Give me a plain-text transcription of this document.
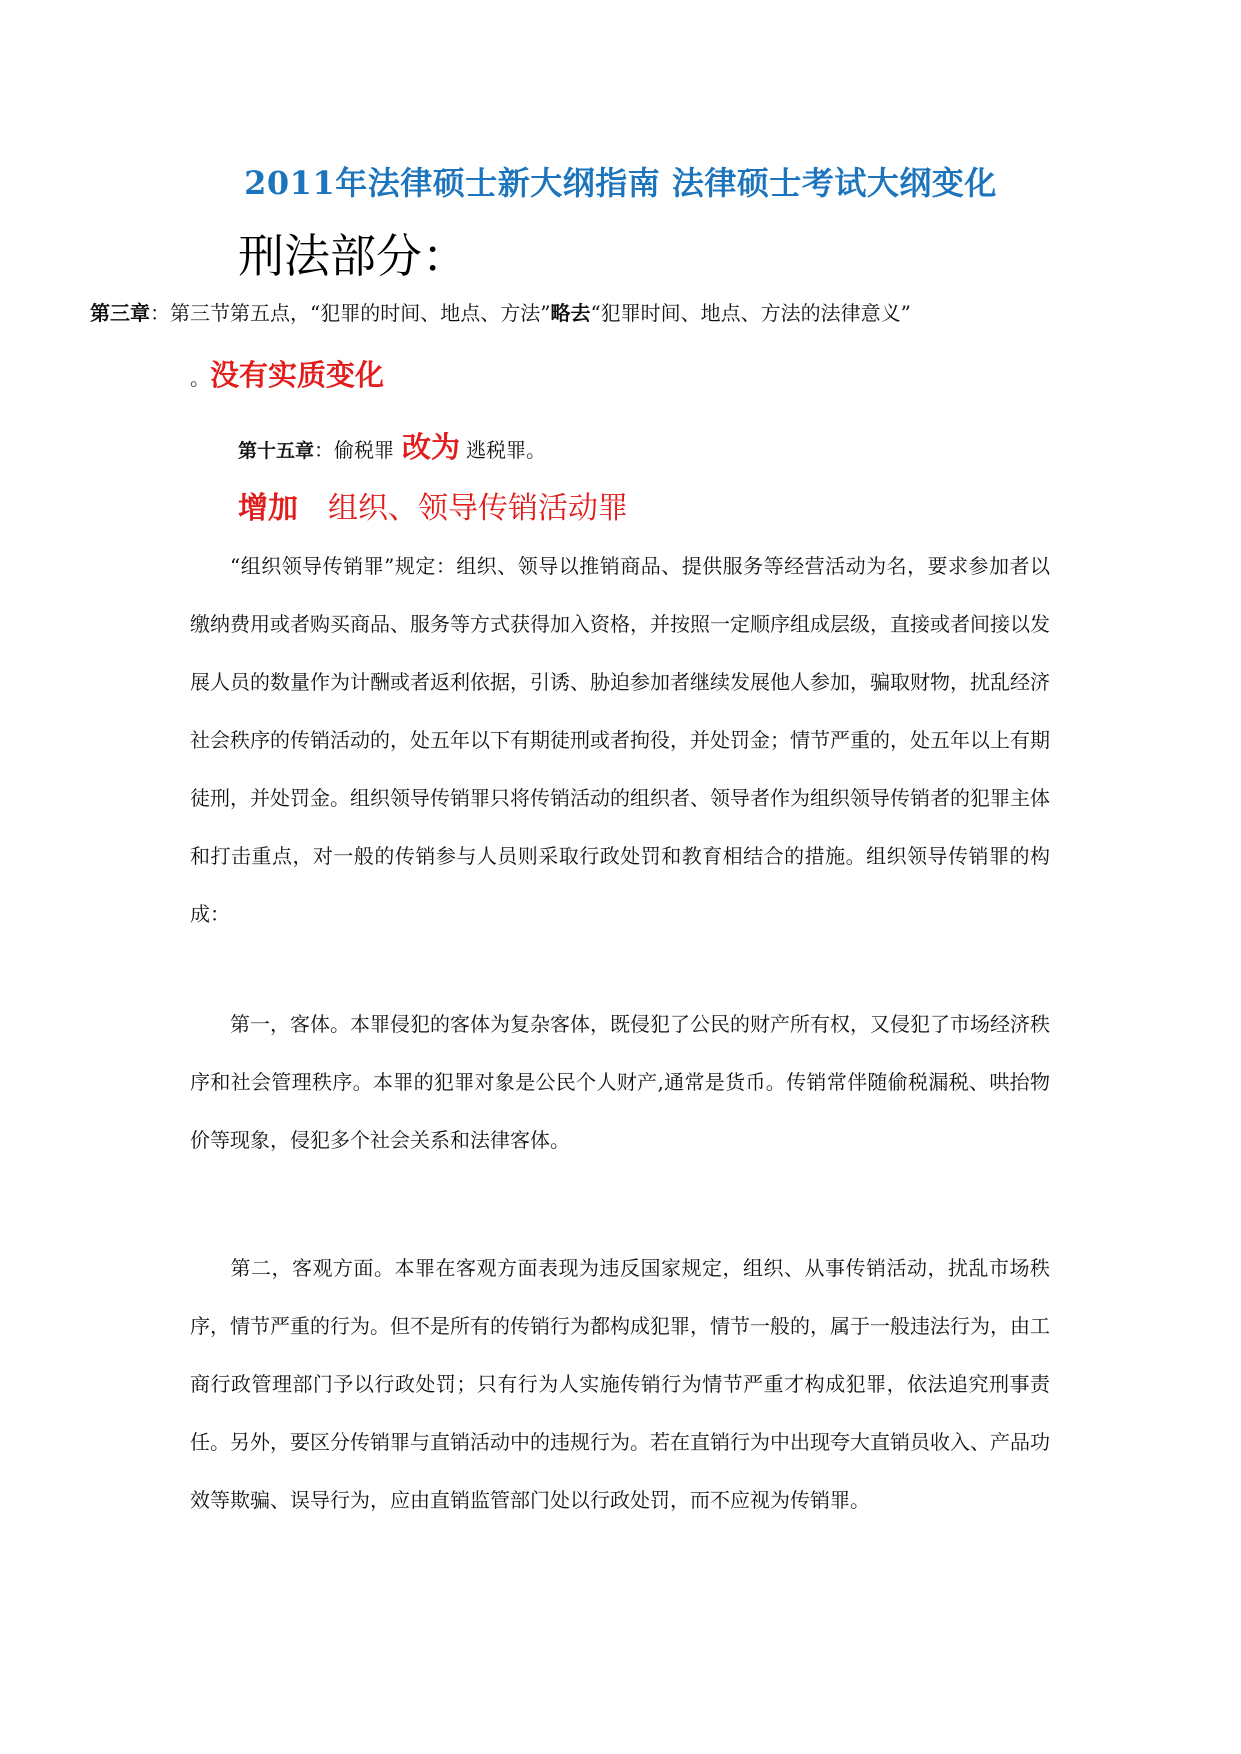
2011年法律硕士新大纲指南 法律硕士考试大纲变化
刑法部分：
第三章：第三节第五点，“犯罪的时间、地点、方法”略去“犯罪时间、地点、方法的法律意义”
。没有实质变化
第十五章：偷税罪 改为 逃税罪。
增加 组织、领导传销活动罪
“组织领导传销罪”规定：组织、领导以推销商品、提供服务等经营活动为名，要求参加者以缴纳费用或者购买商品、服务等方式获得加入资格，并按照一定顺序组成层级，直接或者间接以发展人员的数量作为计酬或者返利依据，引诱、胁迫参加者继续发展他人参加，骗取财物，扰乱经济社会秩序的传销活动的，处五年以下有期徒刑或者拘役，并处罚金；情节严重的，处五年以上有期徒刑，并处罚金。组织领导传销罪只将传销活动的组织者、领导者作为组织领导传销者的犯罪主体和打击重点，对一般的传销参与人员则采取行政处罚和教育相结合的措施。组织领导传销罪的构成：
第一，客体。本罪侵犯的客体为复杂客体，既侵犯了公民的财产所有权，又侵犯了市场经济秩序和社会管理秩序。本罪的犯罪对象是公民个人财产,通常是货币。传销常伴随偷税漏税、哄抬物价等现象，侵犯多个社会关系和法律客体。
第二，客观方面。本罪在客观方面表现为违反国家规定，组织、从事传销活动，扰乱市场秩序，情节严重的行为。但不是所有的传销行为都构成犯罪，情节一般的，属于一般违法行为，由工商行政管理部门予以行政处罚；只有行为人实施传销行为情节严重才构成犯罪，依法追究刑事责任。另外，要区分传销罪与直销活动中的违规行为。若在直销行为中出现夸大直销员收入、产品功效等欺骗、误导行为，应由直销监管部门处以行政处罚，而不应视为传销罪。
